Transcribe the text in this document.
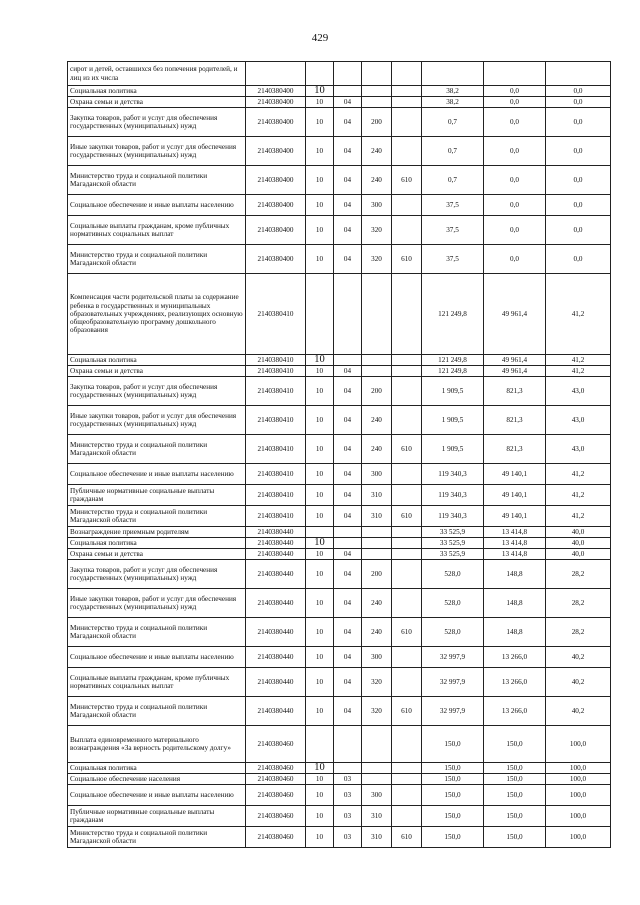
429
сирот и детей, оставшихся без попечения родителей, и лиц из их числа								
Социальная политика	2140380400	10				38,2	0,0	0,0
Охрана семьи и детства	2140380400	10	04			38,2	0,0	0,0
Закупка товаров, работ и услуг для обеспечения государственных (муниципальных) нужд	2140380400	10	04	200		0,7	0,0	0,0
Иные закупки товаров, работ и услуг для обеспечения государственных (муниципальных) нужд	2140380400	10	04	240		0,7	0,0	0,0
Министерство труда и социальной политики Магаданской области	2140380400	10	04	240	610	0,7	0,0	0,0
Социальное обеспечение и иные выплаты населению	2140380400	10	04	300		37,5	0,0	0,0
Социальные выплаты гражданам, кроме публичных нормативных социальных выплат	2140380400	10	04	320		37,5	0,0	0,0
Министерство труда и социальной политики Магаданской области	2140380400	10	04	320	610	37,5	0,0	0,0
Компенсация части родительской платы за содержание ребенка в государственных и муниципальных образовательных учреждениях, реализующих основную общеобразовательную программу дошкольного образования	2140380410					121 249,8	49 961,4	41,2
Социальная политика	2140380410	10				121 249,8	49 961,4	41,2
Охрана семьи и детства	2140380410	10	04			121 249,8	49 961,4	41,2
Закупка товаров, работ и услуг для обеспечения государственных (муниципальных) нужд	2140380410	10	04	200		1 909,5	821,3	43,0
Иные закупки товаров, работ и услуг для обеспечения государственных (муниципальных) нужд	2140380410	10	04	240		1 909,5	821,3	43,0
Министерство труда и социальной политики Магаданской области	2140380410	10	04	240	610	1 909,5	821,3	43,0
Социальное обеспечение и иные выплаты населению	2140380410	10	04	300		119 340,3	49 140,1	41,2
Публичные нормативные социальные выплаты гражданам	2140380410	10	04	310		119 340,3	49 140,1	41,2
Министерство труда и социальной политики Магаданской области	2140380410	10	04	310	610	119 340,3	49 140,1	41,2
Вознаграждение приемным родителям	2140380440					33 525,9	13 414,8	40,0
Социальная политика	2140380440	10				33 525,9	13 414,8	40,0
Охрана семьи и детства	2140380440	10	04			33 525,9	13 414,8	40,0
Закупка товаров, работ и услуг для обеспечения государственных (муниципальных) нужд	2140380440	10	04	200		528,0	148,8	28,2
Иные закупки товаров, работ и услуг для обеспечения государственных (муниципальных) нужд	2140380440	10	04	240		528,0	148,8	28,2
Министерство труда и социальной политики Магаданской области	2140380440	10	04	240	610	528,0	148,8	28,2
Социальное обеспечение и иные выплаты населению	2140380440	10	04	300		32 997,9	13 266,0	40,2
Социальные выплаты гражданам, кроме публичных нормативных социальных выплат	2140380440	10	04	320		32 997,9	13 266,0	40,2
Министерство труда и социальной политики Магаданской области	2140380440	10	04	320	610	32 997,9	13 266,0	40,2
Выплата единовременного материального вознаграждения «За верность родительскому долгу»	2140380460					150,0	150,0	100,0
Социальная политика	2140380460	10				150,0	150,0	100,0
Социальное обеспечение населения	2140380460	10	03			150,0	150,0	100,0
Социальное обеспечение и иные выплаты населению	2140380460	10	03	300		150,0	150,0	100,0
Публичные нормативные социальные выплаты гражданам	2140380460	10	03	310		150,0	150,0	100,0
Министерство труда и социальной политики Магаданской области	2140380460	10	03	310	610	150,0	150,0	100,0
